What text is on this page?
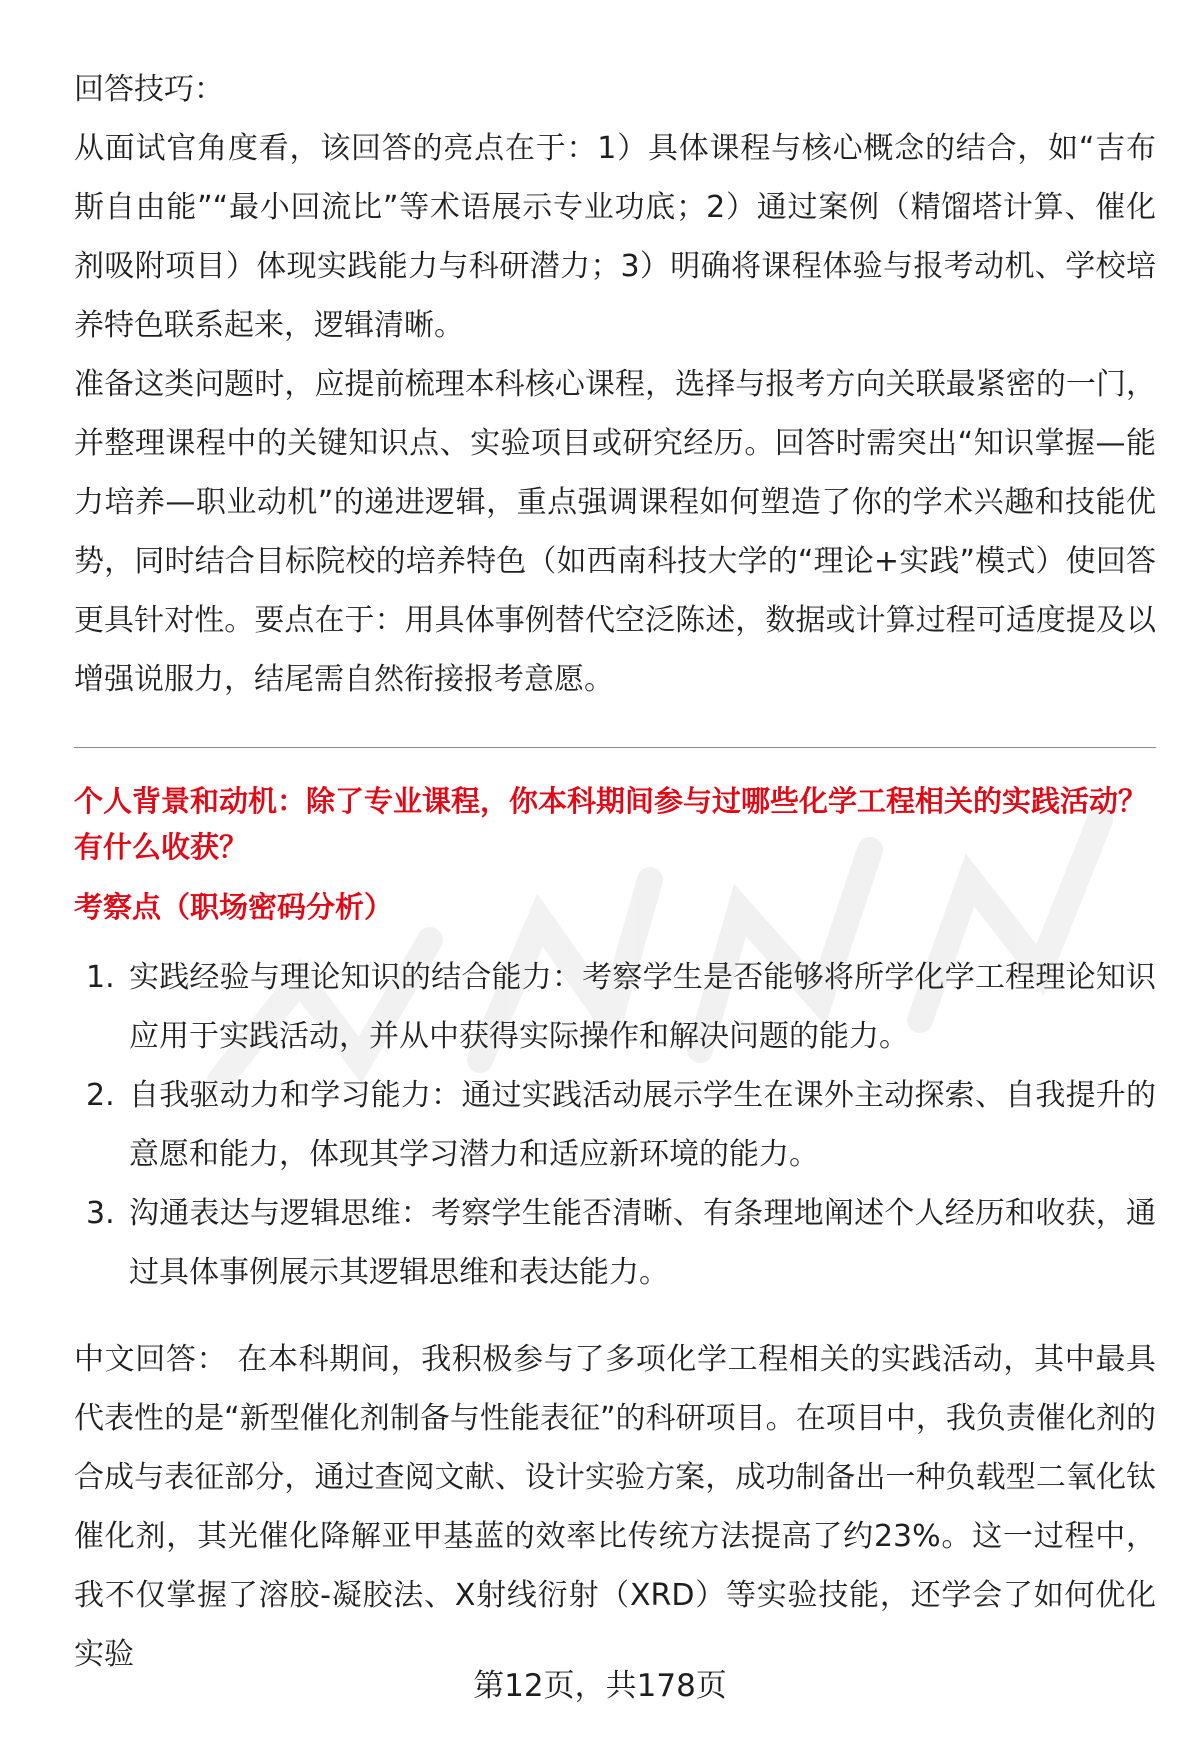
回答技巧：

从面试官角度看，该回答的亮点在于：1）具体课程与核心概念的结合，如“吉布斯自由能”“最小回流比”等术语展示专业功底；2）通过案例（精馏塔计算、催化剂吸附项目）体现实践能力与科研潜力；3）明确将课程体验与报考动机、学校培养特色联系起来，逻辑清晰。

准备这类问题时，应提前梳理本科核心课程，选择与报考方向关联最紧密的一门，并整理课程中的关键知识点、实验项目或研究经历。回答时需突出“知识掌握—能力培养—职业动机”的递进逻辑，重点强调课程如何塑造了你的学术兴趣和技能优势，同时结合目标院校的培养特色（如西南科技大学的“理论+实践”模式）使回答更具针对性。要点在于：用具体事例替代空泛陈述，数据或计算过程可适度提及以增强说服力，结尾需自然衔接报考意愿。

个人背景和动机：除了专业课程，你本科期间参与过哪些化学工程相关的实践活动？有什么收获？

考察点（职场密码分析）

1. 实践经验与理论知识的结合能力：考察学生是否能够将所学化学工程理论知识应用于实践活动，并从中获得实际操作和解决问题的能力。
2. 自我驱动力和学习能力：通过实践活动展示学生在课外主动探索、自我提升的意愿和能力，体现其学习潜力和适应新环境的能力。
3. 沟通表达与逻辑思维：考察学生能否清晰、有条理地阐述个人经历和收获，通过具体事例展示其逻辑思维和表达能力。

中文回答： 在本科期间，我积极参与了多项化学工程相关的实践活动，其中最具代表性的是“新型催化剂制备与性能表征”的科研项目。在项目中，我负责催化剂的合成与表征部分，通过查阅文献、设计实验方案，成功制备出一种负载型二氧化钛催化剂，其光催化降解亚甲基蓝的效率比传统方法提高了约23%。这一过程中，我不仅掌握了溶胶-凝胶法、X射线衍射（XRD）等实验技能，还学会了如何优化实验

第12页，共178页
